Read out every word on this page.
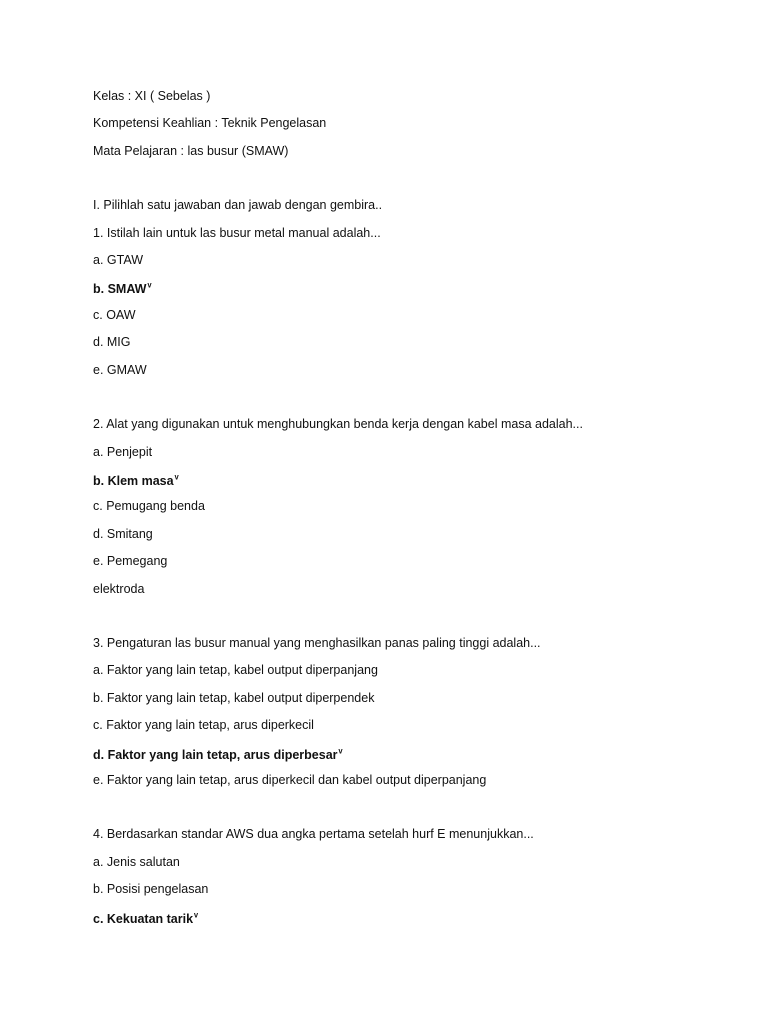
Kelas : XI ( Sebelas )
Kompetensi Keahlian : Teknik Pengelasan
Mata Pelajaran : las busur (SMAW)
I. Pilihlah satu jawaban dan jawab dengan gembira..
1. Istilah lain untuk las busur metal manual adalah...
a. GTAW
b. SMAWᵛ
c. OAW
d. MIG
e. GMAW
2. Alat yang digunakan untuk menghubungkan benda kerja dengan kabel masa adalah...
a. Penjepit
b. Klem masaᵛ
c. Pemugang benda
d. Smitang
e. Pemegang
elektroda
3. Pengaturan las busur manual yang menghasilkan panas paling tinggi adalah...
a. Faktor yang lain tetap, kabel output diperpanjang
b. Faktor yang lain tetap, kabel output diperpendek
c. Faktor yang lain tetap, arus diperkecil
d. Faktor yang lain tetap, arus diperbesarᵛ
e. Faktor yang lain tetap, arus diperkecil dan kabel output diperpanjang
4. Berdasarkan standar AWS dua angka pertama setelah hurf E menunjukkan...
a. Jenis salutan
b. Posisi pengelasan
c. Kekuatan tarikᵛ
